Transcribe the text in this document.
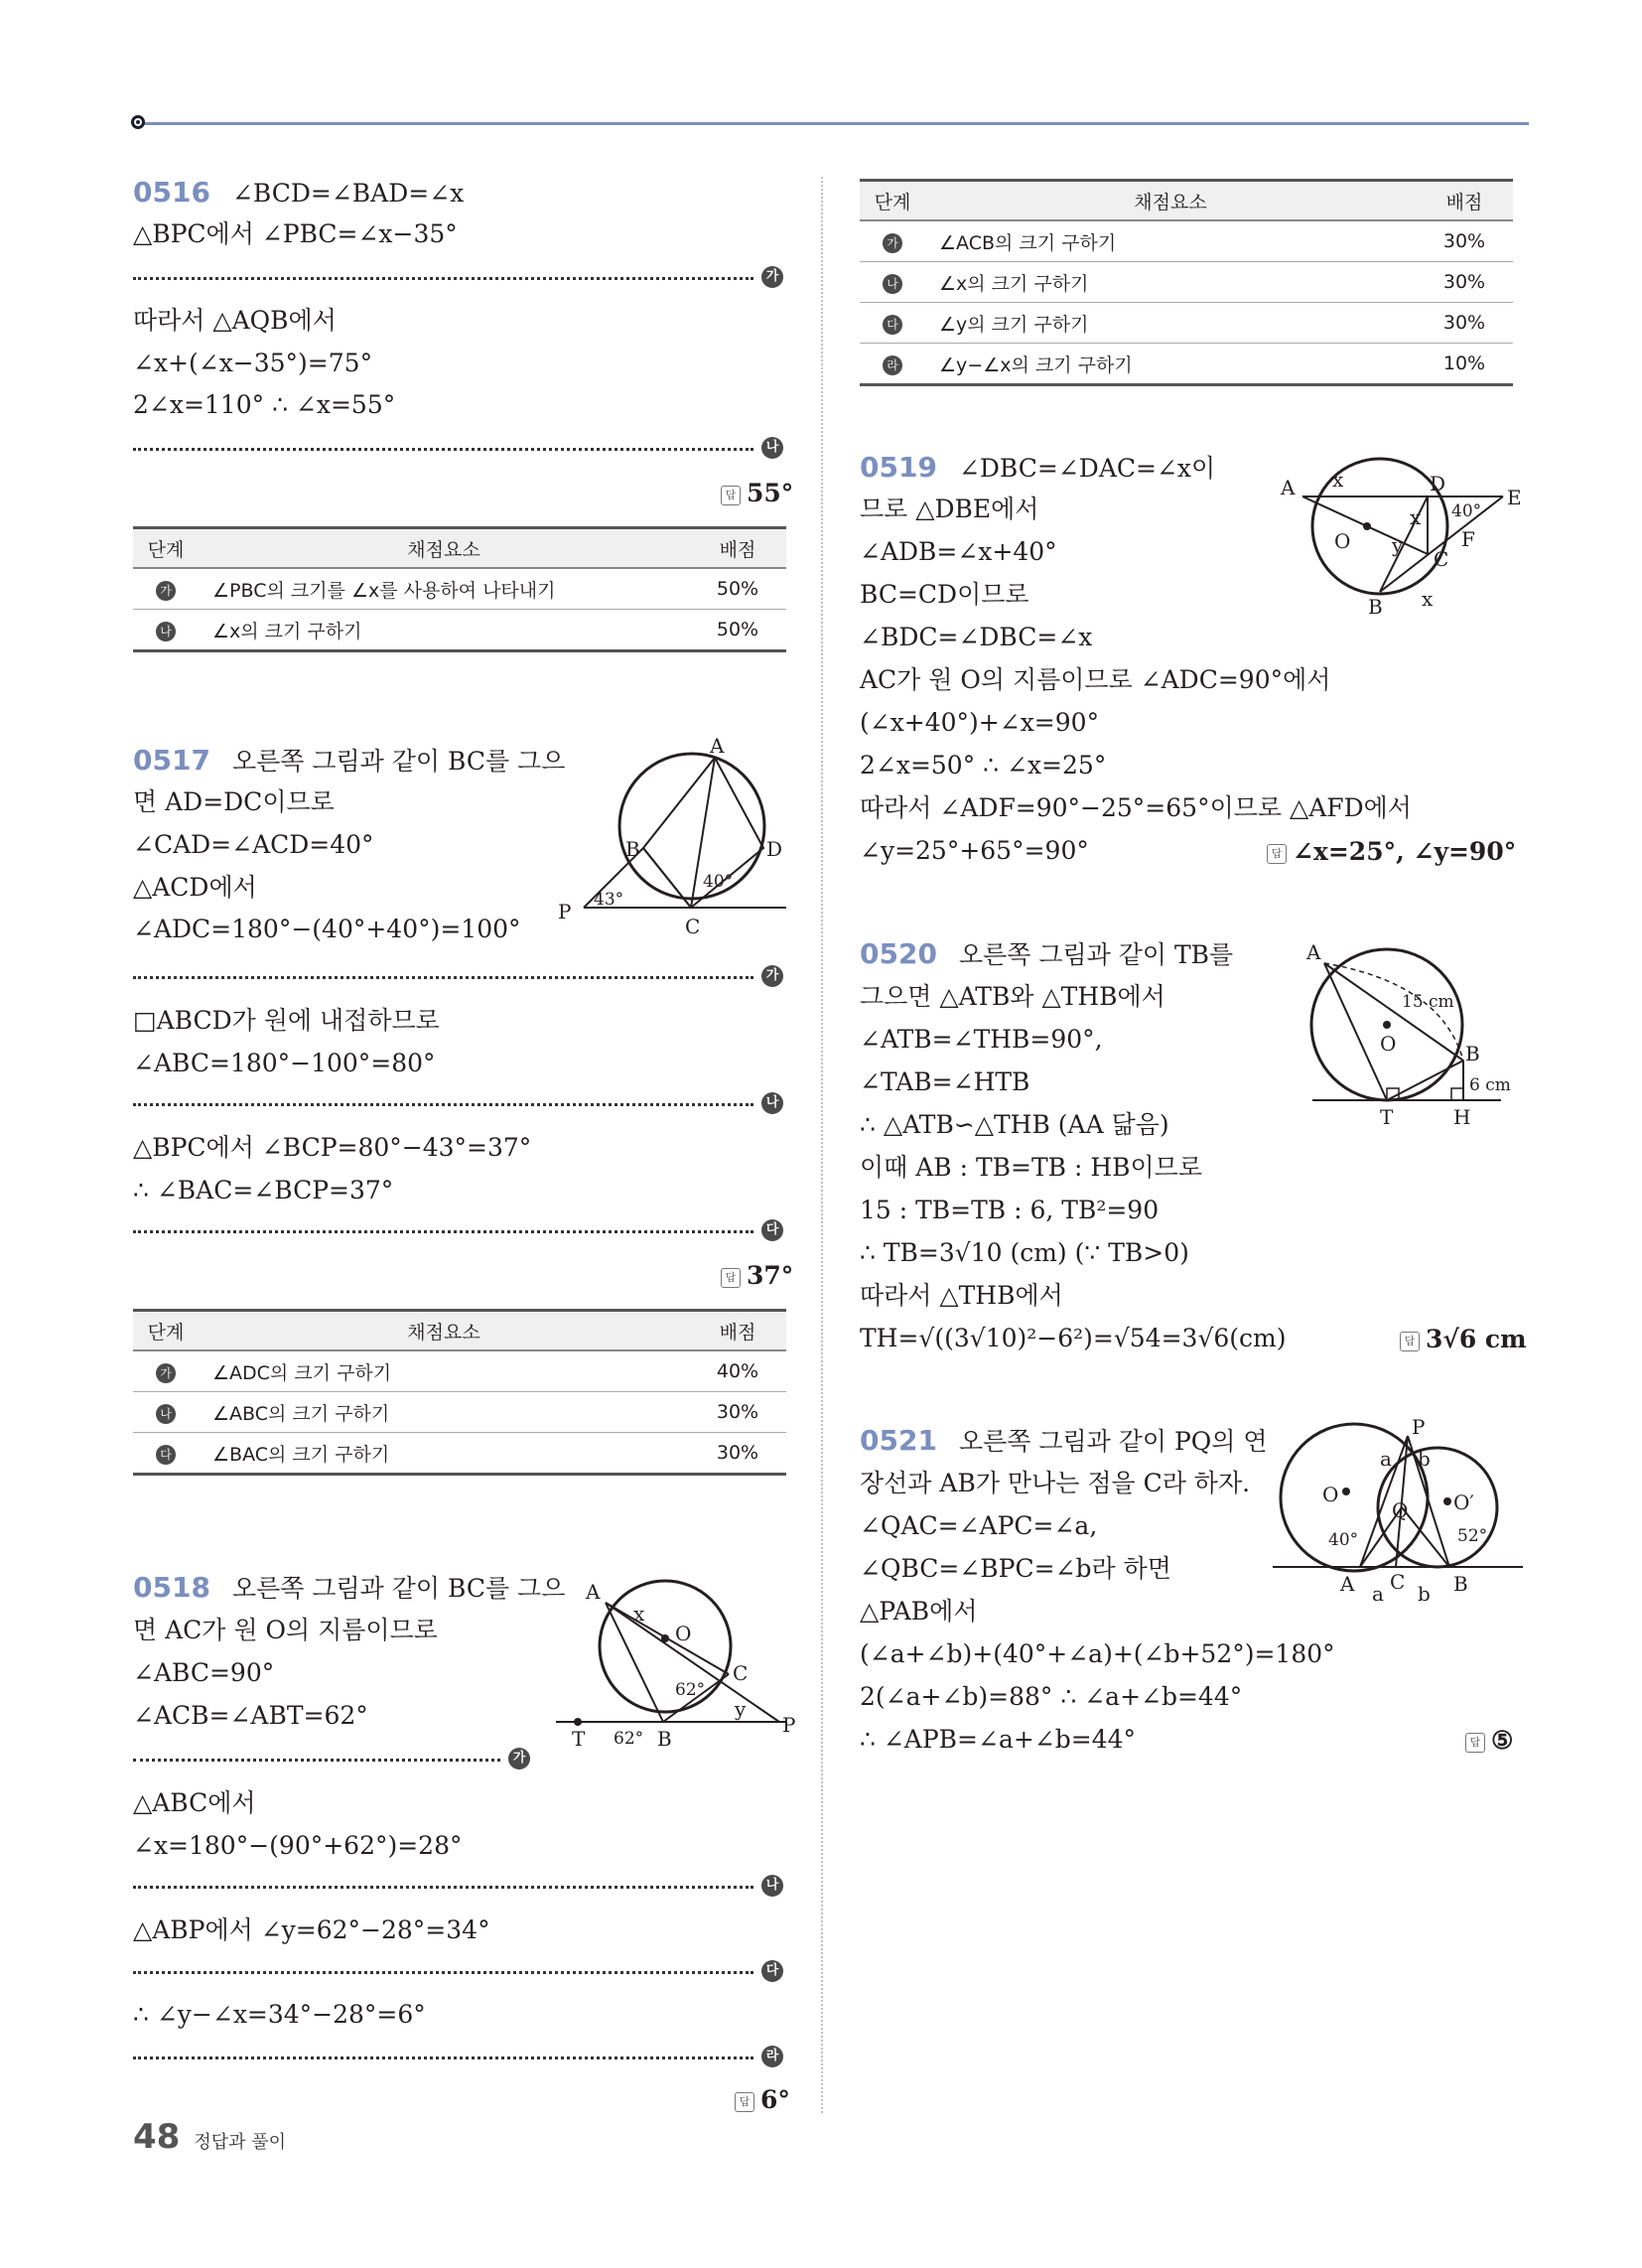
0516 ∠BCD=∠BAD=∠x
△BPC에서 ∠PBC=∠x−35°
가
따라서 △AQB에서
∠x+(∠x−35°)=75°
2∠x=110° ∴ ∠x=55°
나
답 55°
단계	채점요소	배점
가	∠PBC의 크기를 ∠x를 사용하여 나타내기	50%
나	∠x의 크기 구하기	50%
0517 오른쪽 그림과 같이 BC를 그으
면 AD=DC이므로
∠CAD=∠ACD=40°
△ACD에서
∠ADC=180°−(40°+40°)=100°
A
B
C
D
P 43°
40°
가
□ABCD가 원에 내접하므로
∠ABC=180°−100°=80°
나
△BPC에서 ∠BCP=80°−43°=37°
∴ ∠BAC=∠BCP=37°
다
답 37°
단계	채점요소	배점
가	∠ADC의 크기 구하기	40%
나	∠ABC의 크기 구하기	30%
다	∠BAC의 크기 구하기	30%
0518 오른쪽 그림과 같이 BC를 그으
면 AC가 원 O의 지름이므로
∠ABC=90°
∠ACB=∠ABT=62°
A
O
C
P
T	B
x
y
62°
62°
가
△ABC에서
∠x=180°−(90°+62°)=28°
나
△ABP에서 ∠y=62°−28°=34°
다
∴ ∠y−∠x=34°−28°=6°
라
답 6°
단계	채점요소	배점
가	∠ACB의 크기 구하기	30%
나	∠x의 크기 구하기	30%
다	∠y의 크기 구하기	30%
라	∠y−∠x의 크기 구하기	10%
0519 ∠DBC=∠DAC=∠x이
므로 △DBE에서
∠ADB=∠x+40°
BC=CD이므로
∠BDC=∠DBC=∠x
AC가 원 O의 지름이므로 ∠ADC=90°에서
(∠x+40°)+∠x=90°
2∠x=50° ∴ ∠x=25°
따라서 ∠ADF=90°−25°=65°이므로 △AFD에서
∠y=25°+65°=90°	답 ∠x=25°, ∠y=90°
A	D
E
O
C
F
B
x
x
x
y
40°
0520 오른쪽 그림과 같이 TB를
그으면 △ATB와 △THB에서
∠ATB=∠THB=90°,
∠TAB=∠HTB
∴ △ATB∽△THB (AA 닮음)
이때 AB : TB=TB : HB이므로
15 : TB=TB : 6, TB²=90
∴ TB=3√10 (cm) (∵ TB>0)
따라서 △THB에서
TH=√((3√10)²−6²)=√54=3√6(cm)	답 3√6 cm
A
O	B
T	H
15 cm
6 cm
0521 오른쪽 그림과 같이 PQ의 연
장선과 AB가 만나는 점을 C라 하자.
∠QAC=∠APC=∠a,
∠QBC=∠BPC=∠b라 하면
△PAB에서
(∠a+∠b)+(40°+∠a)+(∠b+52°)=180°
2(∠a+∠b)=88° ∴ ∠a+∠b=44°
∴ ∠APB=∠a+∠b=44°	답 ⑤
P
O	O′
Q
A	B
C
a b
a b
40°	52°
48 정답과 풀이
